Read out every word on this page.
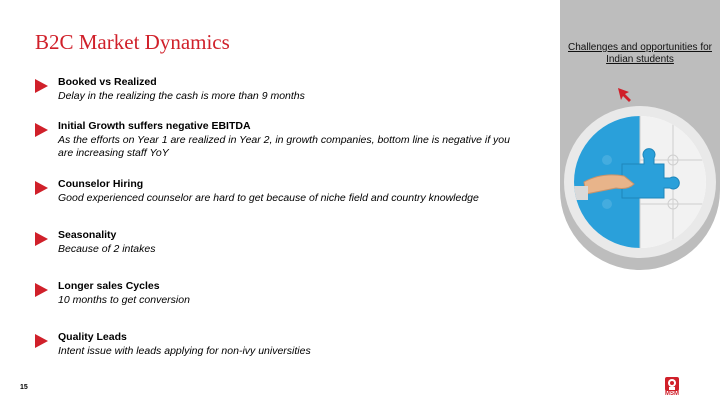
B2C Market Dynamics
Booked vs Realized
Delay in the realizing the cash is more than 9 months
Initial Growth suffers negative EBITDA
As the efforts on Year 1 are realized in Year 2, in growth companies, bottom line is negative if you are increasing staff YoY
Counselor Hiring
Good experienced counselor are hard to get because of niche field and country knowledge
Seasonality
Because of 2 intakes
Longer sales Cycles
10 months to get conversion
Quality Leads
Intent issue with leads applying for non-ivy universities
Challenges and opportunities for Indian students
15
MSM
